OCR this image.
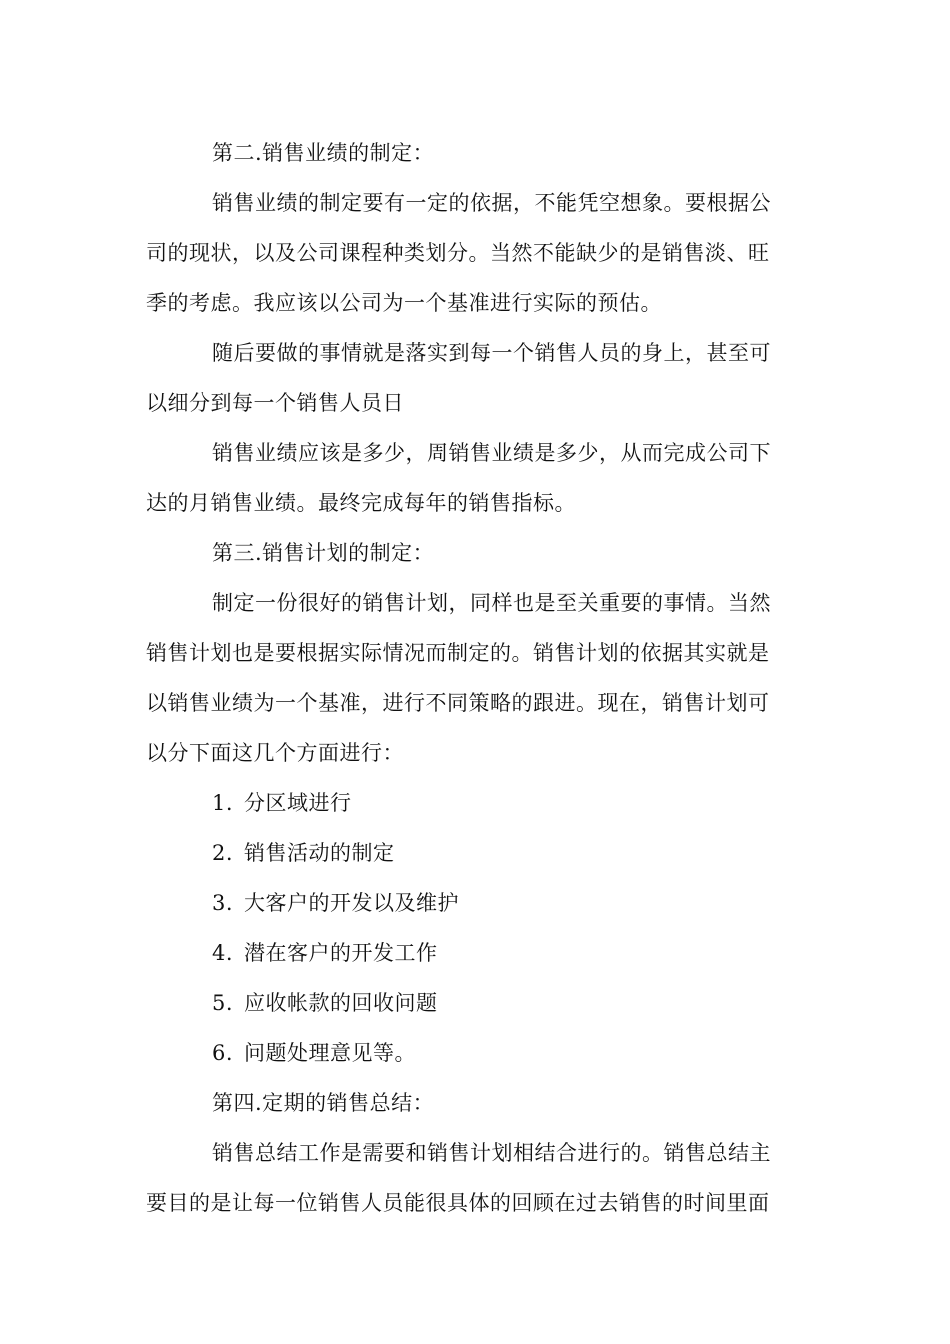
第二.销售业绩的制定：
销售业绩的制定要有一定的依据，不能凭空想象。要根据公
司的现状，以及公司课程种类划分。当然不能缺少的是销售淡、旺
季的考虑。我应该以公司为一个基准进行实际的预估。
随后要做的事情就是落实到每一个销售人员的身上，甚至可
以细分到每一个销售人员日
销售业绩应该是多少，周销售业绩是多少，从而完成公司下
达的月销售业绩。最终完成每年的销售指标。
第三.销售计划的制定：
制定一份很好的销售计划，同样也是至关重要的事情。当然
销售计划也是要根据实际情况而制定的。销售计划的依据其实就是
以销售业绩为一个基准，进行不同策略的跟进。现在，销售计划可
以分下面这几个方面进行：
1. 分区域进行
2. 销售活动的制定
3. 大客户的开发以及维护
4. 潜在客户的开发工作
5. 应收帐款的回收问题
6. 问题处理意见等。
第四.定期的销售总结：
销售总结工作是需要和销售计划相结合进行的。销售总结主
要目的是让每一位销售人员能很具体的回顾在过去销售的时间里面
